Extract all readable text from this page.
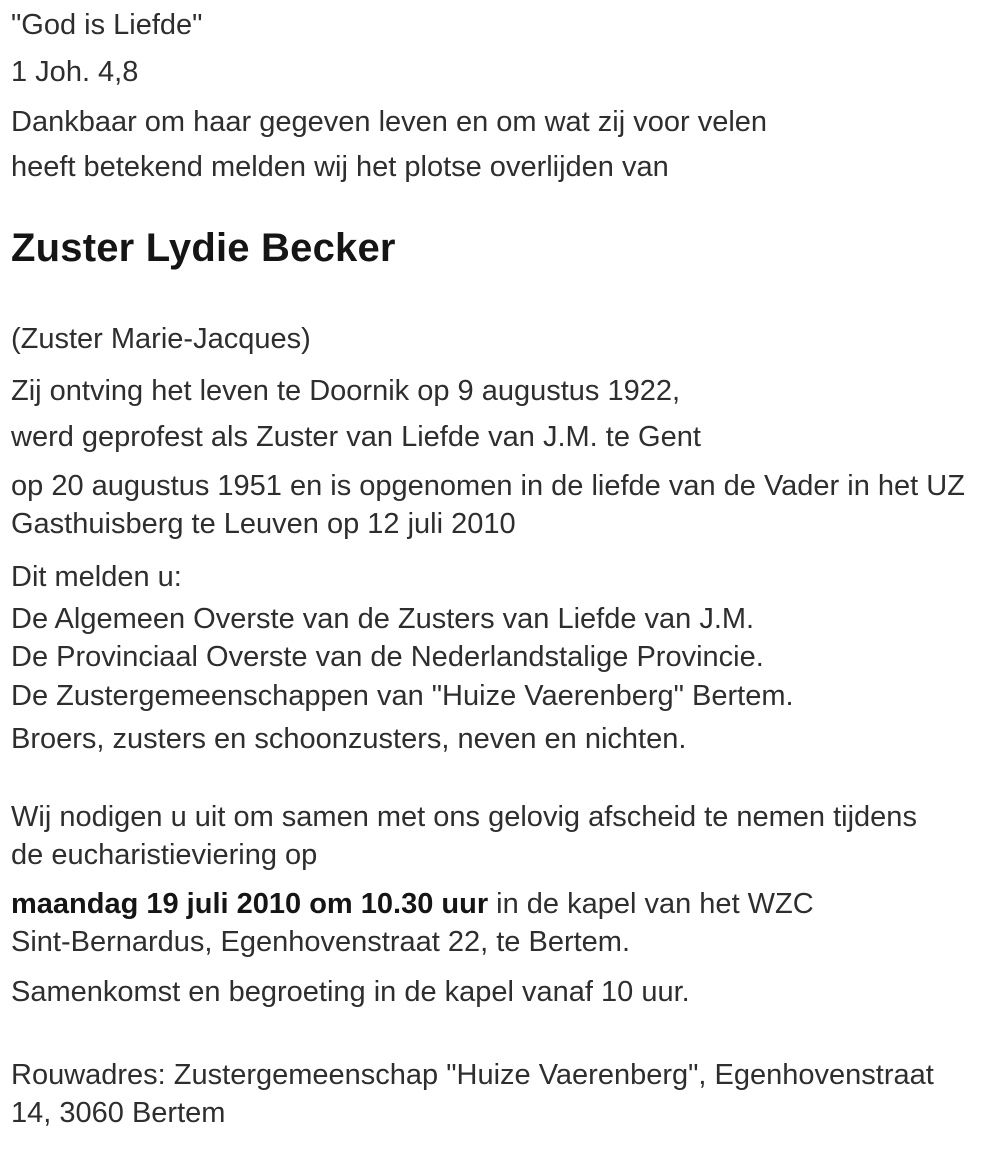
"God is Liefde"

1 Joh. 4,8

Dankbaar om haar gegeven leven en om wat zij voor velen

heeft betekend melden wij het plotse overlijden van

Zuster Lydie Becker

(Zuster Marie-Jacques)

Zij ontving het leven te Doornik op 9 augustus 1922,

werd geprofest als Zuster van Liefde van J.M. te Gent

op 20 augustus 1951 en is opgenomen in de liefde van de Vader in het UZ
Gasthuisberg te Leuven op 12 juli 2010

Dit melden u:

De Algemeen Overste van de Zusters van Liefde van J.M.

De Provinciaal Overste van de Nederlandstalige Provincie.

De Zustergemeenschappen van "Huize Vaerenberg" Bertem.

Broers, zusters en schoonzusters, neven en nichten.

Wij nodigen u uit om samen met ons gelovig afscheid te nemen tijdens
de eucharistieviering op

maandag 19 juli 2010 om 10.30 uur in de kapel van het WZC
Sint-Bernardus, Egenhovenstraat 22, te Bertem.

Samenkomst en begroeting in de kapel vanaf 10 uur.

Rouwadres: Zustergemeenschap "Huize Vaerenberg", Egenhovenstraat
14, 3060 Bertem
